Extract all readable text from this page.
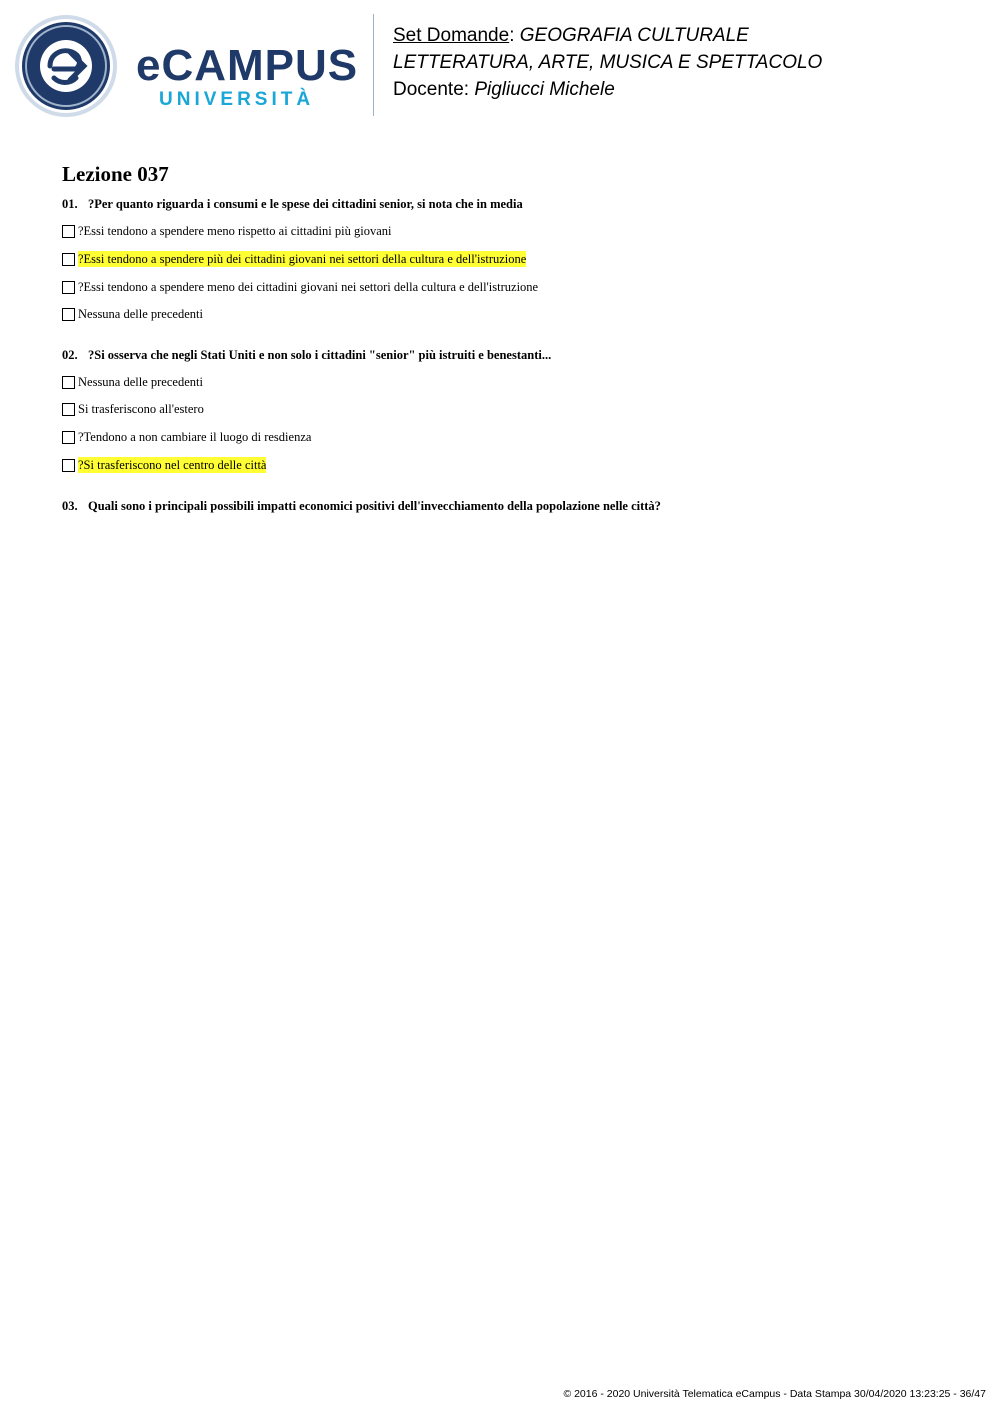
eCAMPUS
UNIVERSITÀ
Set Domande: GEOGRAFIA CULTURALE
LETTERATURA, ARTE, MUSICA E SPETTACOLO
Docente: Pigliucci Michele
Lezione 037
01. ?Per quanto riguarda i consumi e le spese dei cittadini senior, si nota che in media
?Essi tendono a spendere meno rispetto ai cittadini più giovani
?Essi tendono a spendere più dei cittadini giovani nei settori della cultura e dell'istruzione
?Essi tendono a spendere meno dei cittadini giovani nei settori della cultura e dell'istruzione
Nessuna delle precedenti
02. ?Si osserva che negli Stati Uniti e non solo i cittadini "senior" più istruiti e benestanti...
Nessuna delle precedenti
Si trasferiscono all'estero
?Tendono a non cambiare il luogo di resdienza
?Si trasferiscono nel centro delle città
03. Quali sono i principali possibili impatti economici positivi dell'invecchiamento della popolazione nelle città?
© 2016 - 2020 Università Telematica eCampus - Data Stampa 30/04/2020 13:23:25 - 36/47
